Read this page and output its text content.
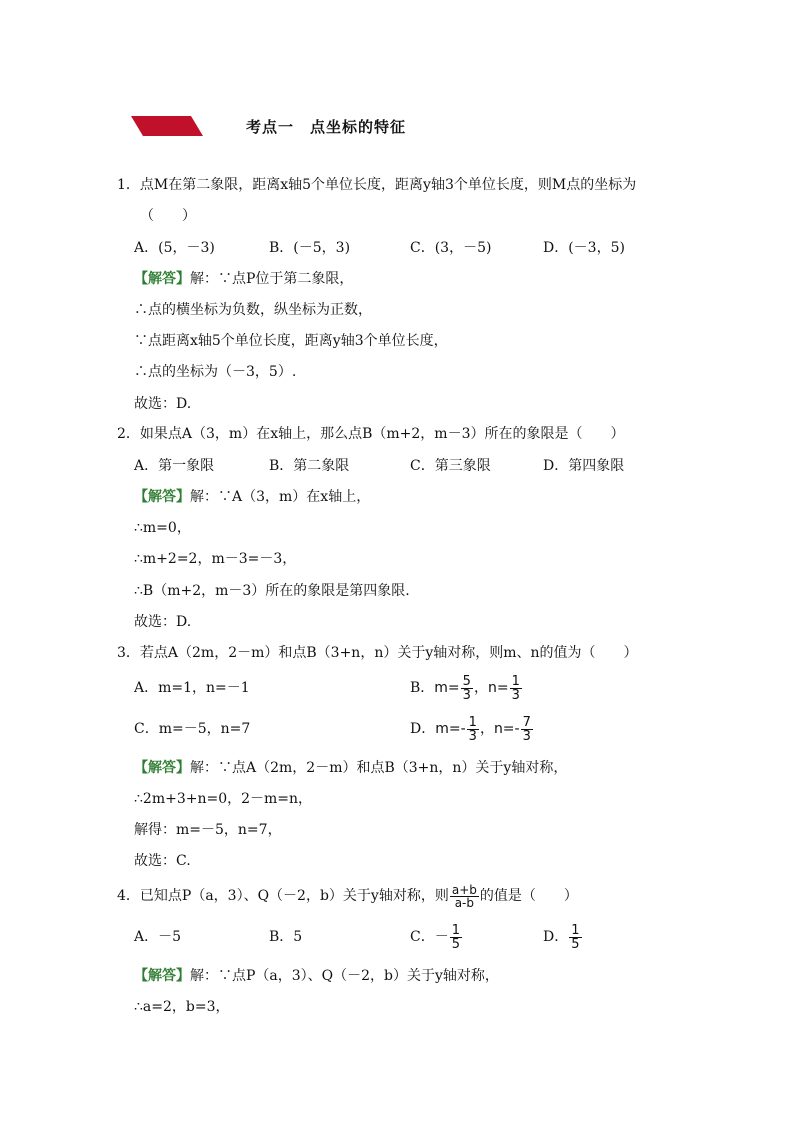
考点一　点坐标的特征
1．点M在第二象限，距离x轴5个单位长度，距离y轴3个单位长度，则M点的坐标为
（　　）
A．(5，－3)	B．(－5，3)	C．(3，－5)	D．(－3，5)
【解答】解：∵点P位于第二象限，
∴点的横坐标为负数，纵坐标为正数，
∵点距离x轴5个单位长度，距离y轴3个单位长度，
∴点的坐标为（－3，5）.
故选：D.
2．如果点A（3，m）在x轴上，那么点B（m+2，m－3）所在的象限是（　　）
A．第一象限	B．第二象限	C．第三象限	D．第四象限
【解答】解：∵A（3，m）在x轴上，
∴m=0，
∴m+2=2，m－3=－3，
∴B（m+2，m－3）所在的象限是第四象限.
故选：D.
3．若点A（2m，2－m）和点B（3+n，n）关于y轴对称，则m、n的值为（　　）
A．m=1，n=－1	B．$m= \frac{5}{3}$ ，$n= \frac{1}{3}$
C．m=－5，n=7	D．$m=- \frac{1}{3}$ ，$n=- \frac{7}{3}$
【解答】解：∵点A（2m，2－m）和点B（3+n，n）关于y轴对称，
∴2m+3+n=0，2－m=n，
解得：m=－5，n=7，
故选：C.
4．已知点P（a，3）、Q（－2，b）关于y轴对称，则 $\frac{a+b}{a-b}$ 的值是（　　）
A．－5	B．5	C．－ $\frac{1}{5}$	D． $\frac{1}{5}$
【解答】解：∵点P（a，3）、Q（－2，b）关于y轴对称，
∴a=2，b=3，
